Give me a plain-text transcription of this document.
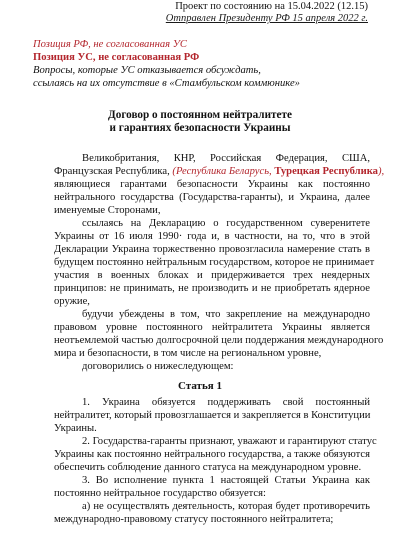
Проект по состоянию на 15.04.2022 (12.15)
Отправлен Президенту РФ 15 апреля 2022 г.
Позиция РФ, не согласованная УС
Позиция УС, не согласованная РФ
Вопросы, которые УС отказывается обсуждать,
ссылаясь на их отсутствие в «Стамбульском коммюнике»
Договор о постоянном нейтралитете
и гарантиях безопасности Украины
Великобритания, КНР, Российская Федерация, США,
Французская Республика, (Республика Беларусь, Турецкая Республика),
являющиеся гарантами безопасности Украины как постоянно
нейтрального государства (Государства-гаранты), и Украина, далее
именуемые Сторонами,
ссылаясь на Декларацию о государственном суверенитете
Украины от 16 июля 1990· года и, в частности, на то, что в этой
Декларации Украина торжественно провозгласила намерение стать в
будущем постоянно нейтральным государством, которое не принимает
участия в военных блоках и придерживается трех неядерных
принципов: не принимать, не производить и не приобретать ядерное
оружие,
будучи убеждены в том, что закрепление на международно
правовом уровне постоянного нейтралитета Украины является
неотъемлемой частью долгосрочной цели поддержания международного
мира и безопасности, в том числе на региональном уровне,
договорились о нижеследующем:
Статья 1
1. Украина обязуется поддерживать свой постоянный
нейтралитет, который провозглашается и закрепляется в Конституции
Украины.
2. Государства-гаранты признают, уважают и гарантируют статус
Украины как постоянно нейтрального государства, а также обязуются
обеспечить соблюдение данного статуса на международном уровне.
3. Во исполнение пункта 1 настоящей Статьи Украина как
постоянно нейтральное государство обязуется:
а) не осуществлять деятельность, которая будет противоречить
международно-правовому статусу постоянного нейтралитета;
